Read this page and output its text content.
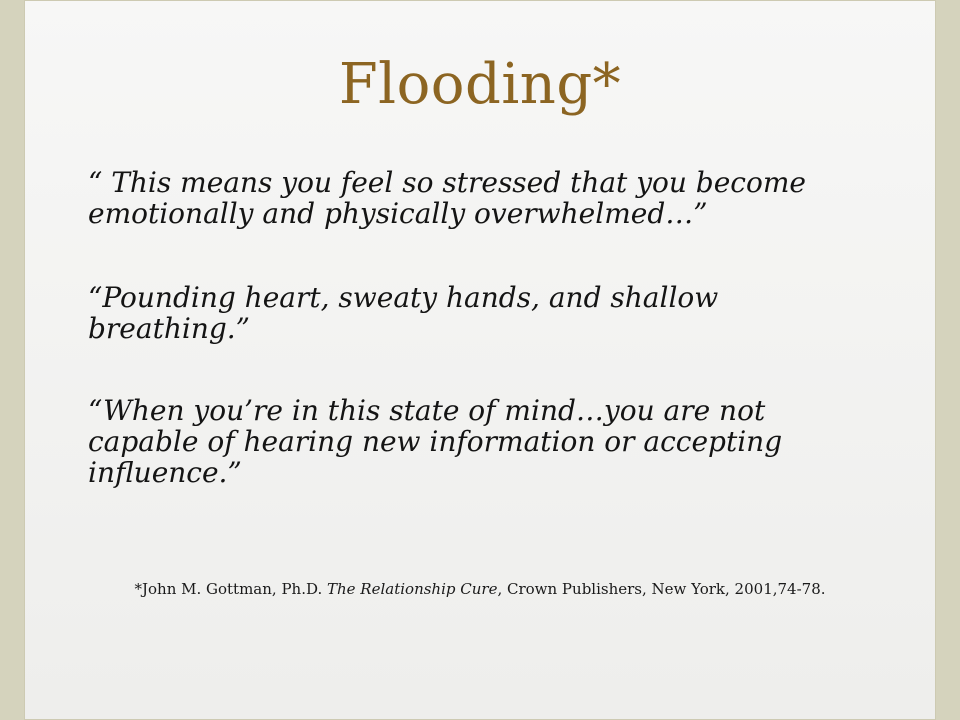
Flooding*
“ This means you feel so stressed that you become emotionally and physically overwhelmed…”
“Pounding heart, sweaty hands, and shallow breathing.”
“When you’re in this state of mind…you are not capable of hearing new information or accepting influence.”
*John M. Gottman, Ph.D. The Relationship Cure, Crown Publishers, New York, 2001,74-78.
